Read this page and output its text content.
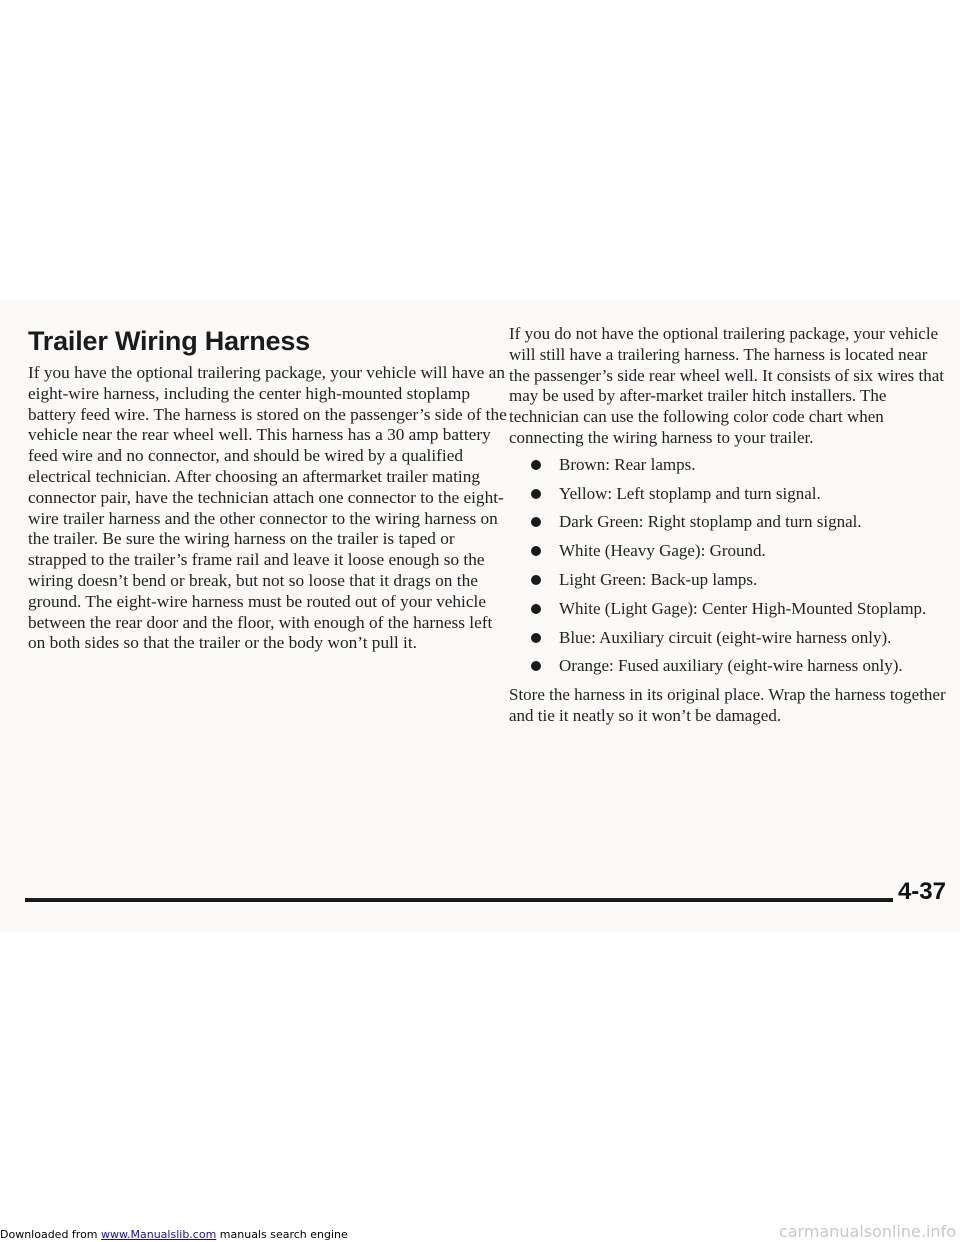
Trailer Wiring Harness

If you have the optional trailering package, your vehicle will have an eight-wire harness, including the center high-mounted stoplamp battery feed wire. The harness is stored on the passenger’s side of the vehicle near the rear wheel well. This harness has a 30 amp battery feed wire and no connector, and should be wired by a qualified electrical technician. After choosing an aftermarket trailer mating connector pair, have the technician attach one connector to the eight-wire trailer harness and the other connector to the wiring harness on the trailer. Be sure the wiring harness on the trailer is taped or strapped to the trailer’s frame rail and leave it loose enough so the wiring doesn’t bend or break, but not so loose that it drags on the ground. The eight-wire harness must be routed out of your vehicle between the rear door and the floor, with enough of the harness left on both sides so that the trailer or the body won’t pull it.

If you do not have the optional trailering package, your vehicle will still have a trailering harness. The harness is located near the passenger’s side rear wheel well. It consists of six wires that may be used by after-market trailer hitch installers. The technician can use the following color code chart when connecting the wiring harness to your trailer.

Brown: Rear lamps.
Yellow: Left stoplamp and turn signal.
Dark Green: Right stoplamp and turn signal.
White (Heavy Gage): Ground.
Light Green: Back-up lamps.
White (Light Gage): Center High-Mounted Stoplamp.
Blue: Auxiliary circuit (eight-wire harness only).
Orange: Fused auxiliary (eight-wire harness only).

Store the harness in its original place. Wrap the harness together and tie it neatly so it won’t be damaged.

4-37
Downloaded from www.Manualslib.com manuals search engine	carmanualsonline.info
